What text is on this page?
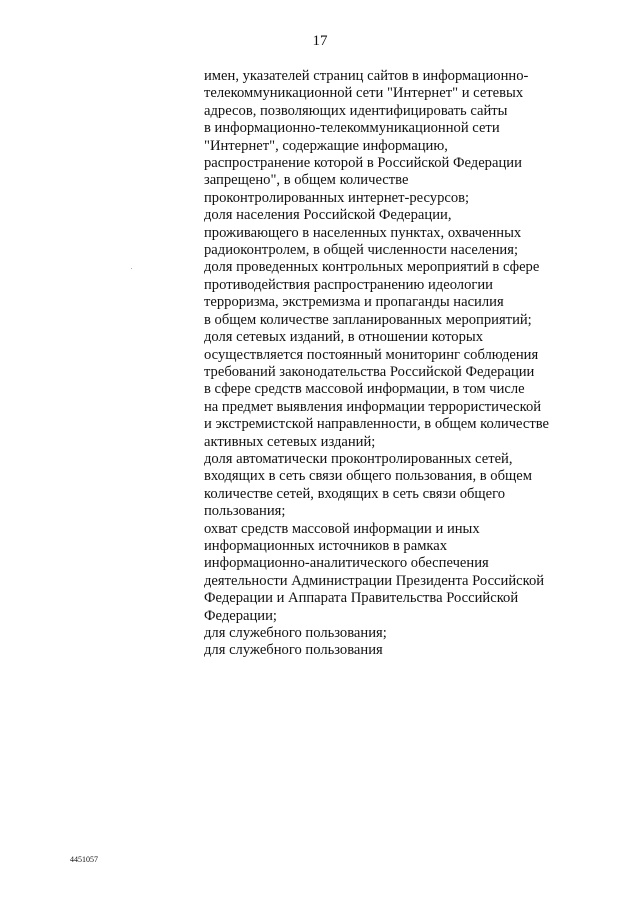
17
имен, указателей страниц сайтов в информационно-
телекоммуникационной сети "Интернет" и сетевых
адресов, позволяющих идентифицировать сайты
в информационно-телекоммуникационной сети
"Интернет", содержащие информацию,
распространение которой в Российской Федерации
запрещено", в общем количестве
проконтролированных интернет-ресурсов;
доля населения Российской Федерации,
проживающего в населенных пунктах, охваченных
радиоконтролем, в общей численности населения;
доля проведенных контрольных мероприятий в сфере
противодействия распространению идеологии
терроризма, экстремизма и пропаганды насилия
в общем количестве запланированных мероприятий;
доля сетевых изданий, в отношении которых
осуществляется постоянный мониторинг соблюдения
требований законодательства Российской Федерации
в сфере средств массовой информации, в том числе
на предмет выявления информации террористической
и экстремистской направленности, в общем количестве
активных сетевых изданий;
доля автоматически проконтролированных сетей,
входящих в сеть связи общего пользования, в общем
количестве сетей, входящих в сеть связи общего
пользования;
охват средств массовой информации и иных
информационных источников в рамках
информационно-аналитического обеспечения
деятельности Администрации Президента Российской
Федерации и Аппарата Правительства Российской
Федерации;
для служебного пользования;
для служебного пользования
4451057
